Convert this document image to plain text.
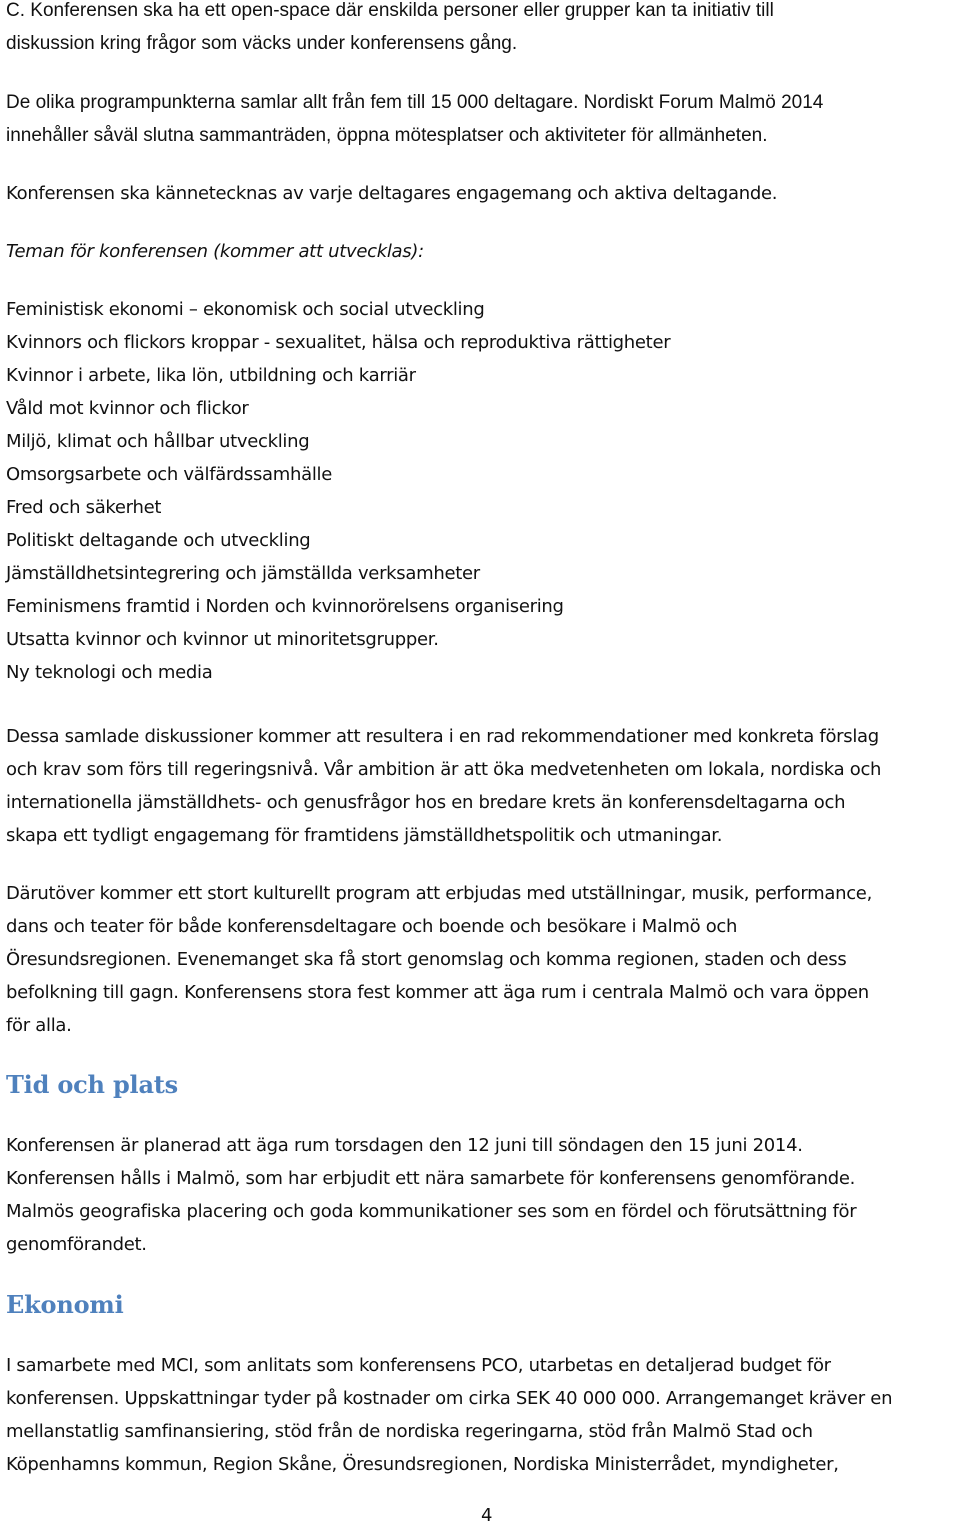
C. Konferensen ska ha ett open-space där enskilda personer eller grupper kan ta initiativ till
diskussion kring frågor som väcks under konferensens gång.
De olika programpunkterna samlar allt från fem till 15 000 deltagare. Nordiskt Forum Malmö 2014
innehåller såväl slutna sammanträden, öppna mötesplatser och aktiviteter för allmänheten.
Konferensen ska kännetecknas av varje deltagares engagemang och aktiva deltagande.
Teman för konferensen (kommer att utvecklas):
Feministisk ekonomi – ekonomisk och social utveckling
Kvinnors och flickors kroppar - sexualitet, hälsa och reproduktiva rättigheter
Kvinnor i arbete, lika lön, utbildning och karriär
Våld mot kvinnor och flickor
Miljö, klimat och hållbar utveckling
Omsorgsarbete och välfärdssamhälle
Fred och säkerhet
Politiskt deltagande och utveckling
Jämställdhetsintegrering och jämställda verksamheter
Feminismens framtid i Norden och kvinnorörelsens organisering
Utsatta kvinnor och kvinnor ut minoritetsgrupper.
Ny teknologi och media
Dessa samlade diskussioner kommer att resultera i en rad rekommendationer med konkreta förslag
och krav som förs till regeringsnivå. Vår ambition är att öka medvetenheten om lokala, nordiska och
internationella jämställdhets- och genusfrågor hos en bredare krets än konferensdeltagarna och
skapa ett tydligt engagemang för framtidens jämställdhetspolitik och utmaningar.
Därutöver kommer ett stort kulturellt program att erbjudas med utställningar, musik, performance,
dans och teater för både konferensdeltagare och boende och besökare i Malmö och
Öresundsregionen. Evenemanget ska få stort genomslag och komma regionen, staden och dess
befolkning till gagn. Konferensens stora fest kommer att äga rum i centrala Malmö och vara öppen
för alla.
Tid och plats
Konferensen är planerad att äga rum torsdagen den 12 juni till söndagen den 15 juni 2014.
Konferensen hålls i Malmö, som har erbjudit ett nära samarbete för konferensens genomförande.
Malmös geografiska placering och goda kommunikationer ses som en fördel och förutsättning för
genomförandet.
Ekonomi
I samarbete med MCI, som anlitats som konferensens PCO, utarbetas en detaljerad budget för
konferensen. Uppskattningar tyder på kostnader om cirka SEK 40 000 000. Arrangemanget kräver en
mellanstatlig samfinansiering, stöd från de nordiska regeringarna, stöd från Malmö Stad och
Köpenhamns kommun, Region Skåne, Öresundsregionen, Nordiska Ministerrådet, myndigheter,
4
